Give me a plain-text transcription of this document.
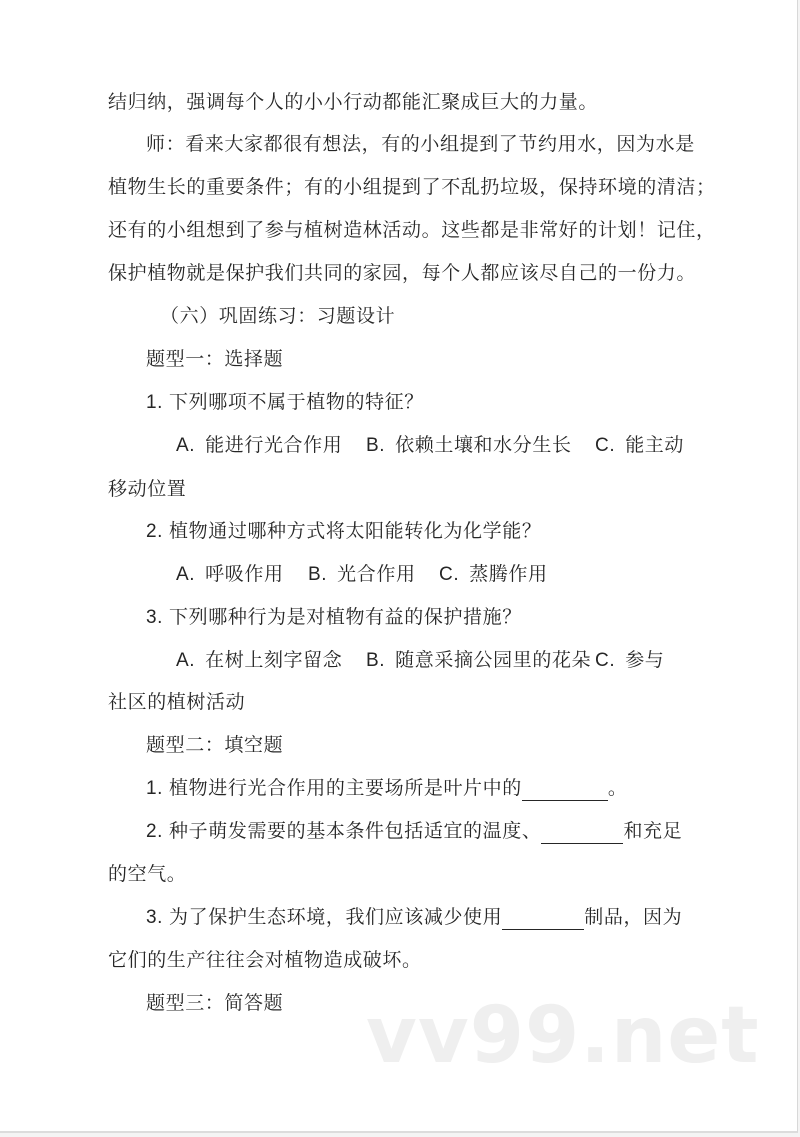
结归纳，强调每个人的小小行动都能汇聚成巨大的力量。
师：看来大家都很有想法，有的小组提到了节约用水，因为水是
植物生长的重要条件；有的小组提到了不乱扔垃圾，保持环境的清洁；
还有的小组想到了参与植树造林活动。这些都是非常好的计划！记住，
保护植物就是保护我们共同的家园，每个人都应该尽自己的一份力。
（六）巩固练习：习题设计
题型一：选择题
1. 下列哪项不属于植物的特征？
A. 能进行光合作用 B. 依赖土壤和水分生长 C. 能主动
移动位置
2. 植物通过哪种方式将太阳能转化为化学能？
A. 呼吸作用 B. 光合作用 C. 蒸腾作用
3. 下列哪种行为是对植物有益的保护措施？
A. 在树上刻字留念 B. 随意采摘公园里的花朵 C. 参与
社区的植树活动
题型二：填空题
1. 植物进行光合作用的主要场所是叶片中的	。
2. 种子萌发需要的基本条件包括适宜的温度、	和充足
的空气。
3. 为了保护生态环境，我们应该减少使用	制品，因为
它们的生产往往会对植物造成破坏。
题型三：简答题 vv99.net
